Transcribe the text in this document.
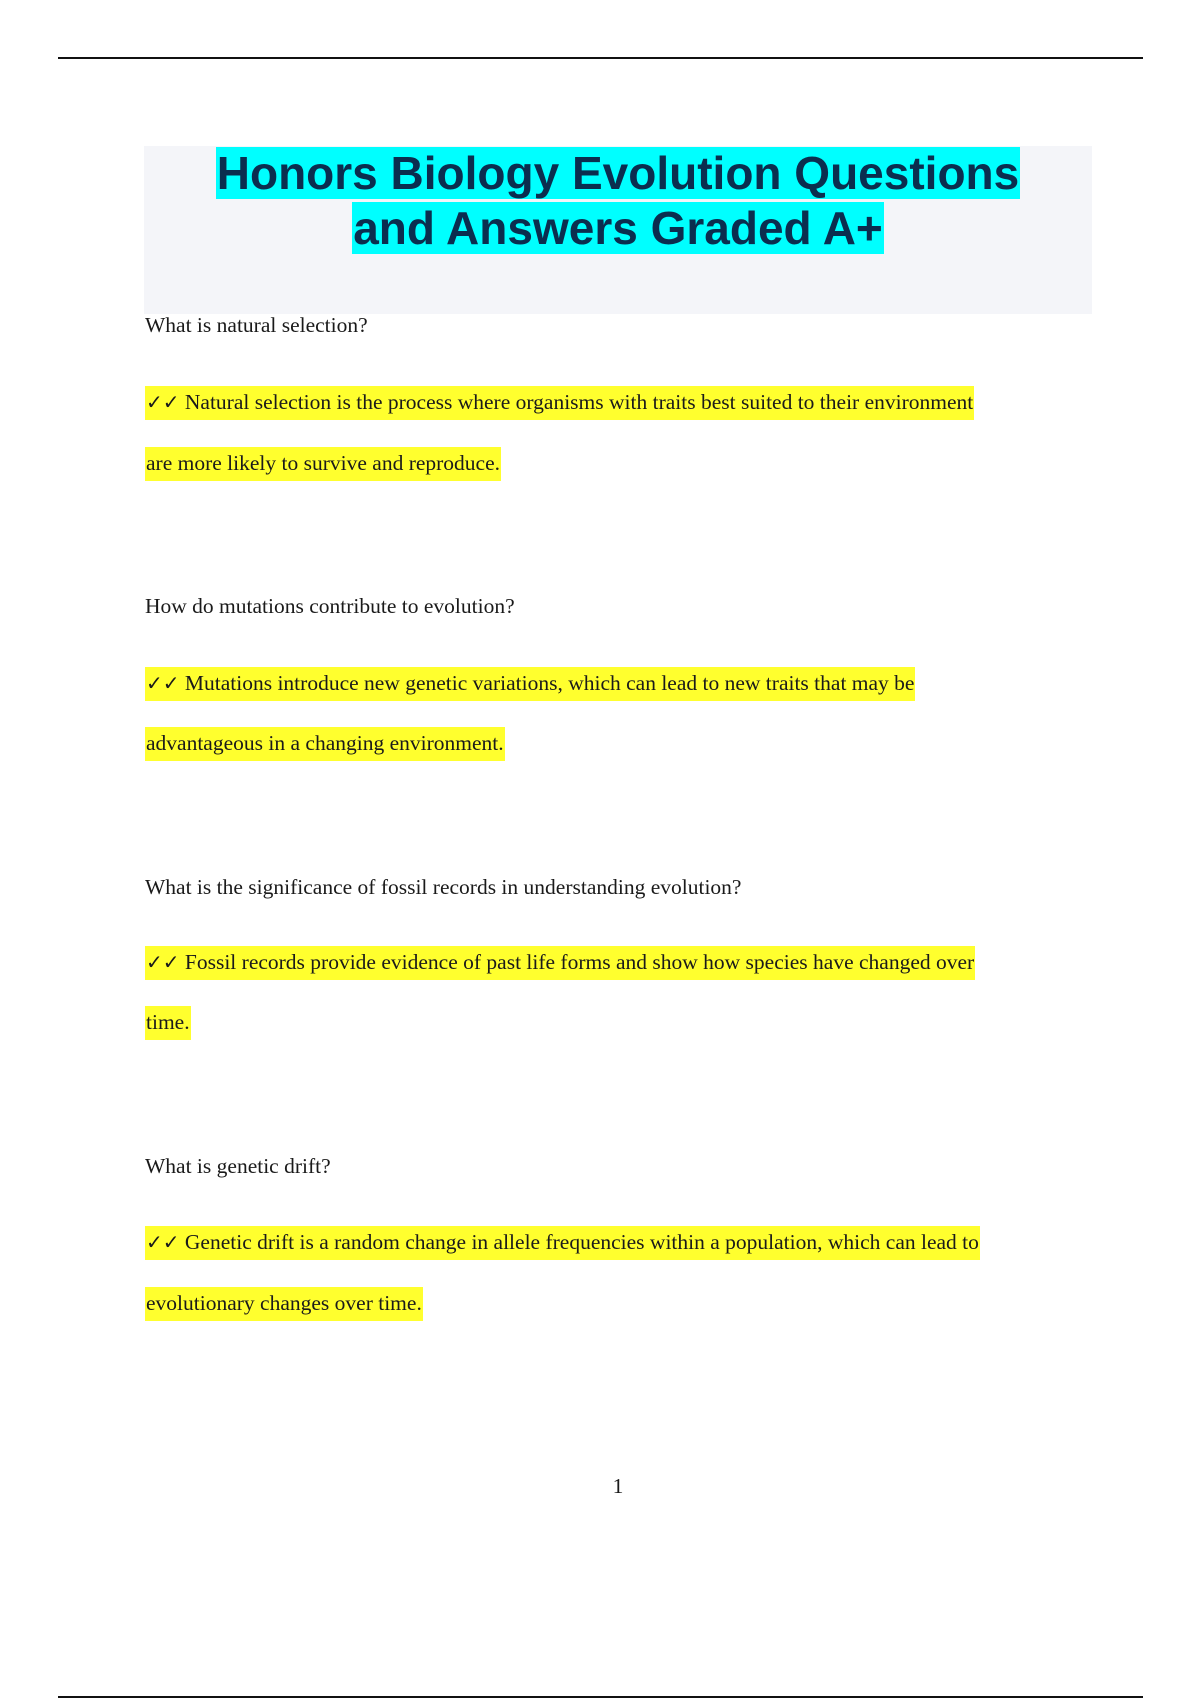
Honors Biology Evolution Questions
and Answers Graded A+
What is natural selection?
✓✓ Natural selection is the process where organisms with traits best suited to their environment
are more likely to survive and reproduce.
How do mutations contribute to evolution?
✓✓ Mutations introduce new genetic variations, which can lead to new traits that may be
advantageous in a changing environment.
What is the significance of fossil records in understanding evolution?
✓✓ Fossil records provide evidence of past life forms and show how species have changed over
time.
What is genetic drift?
✓✓ Genetic drift is a random change in allele frequencies within a population, which can lead to
evolutionary changes over time.
1
